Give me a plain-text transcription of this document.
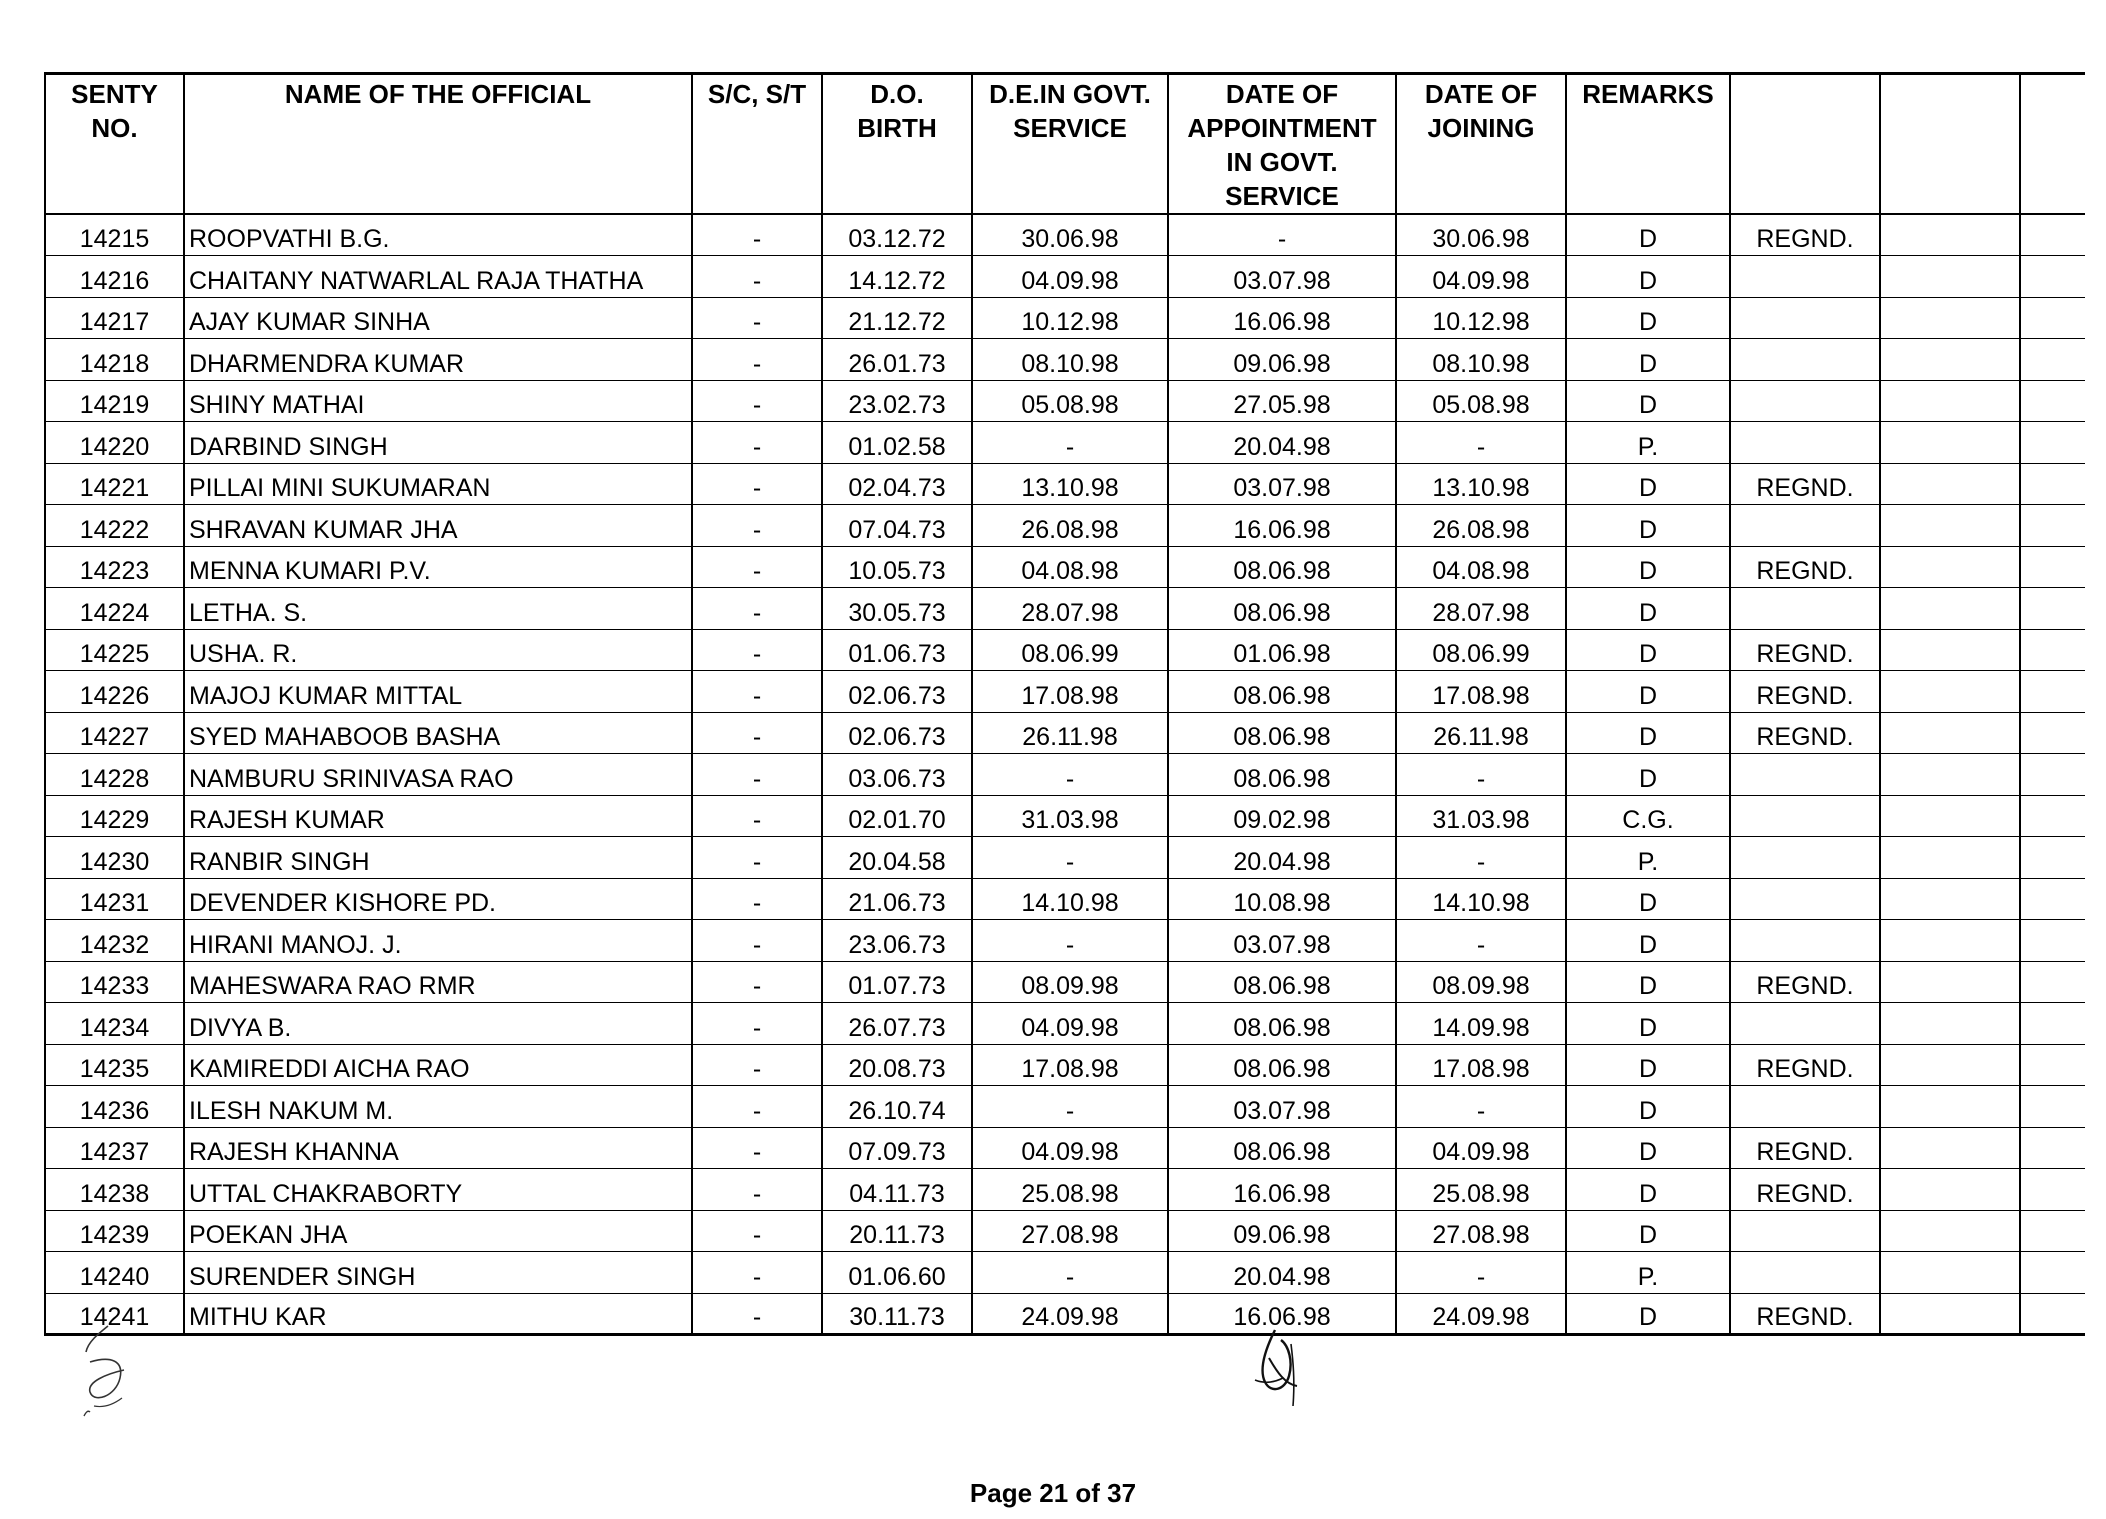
SENTY NO.	NAME OF THE OFFICIAL	S/C, S/T	D.O. BIRTH	D.E.IN GOVT. SERVICE	DATE OF APPOINTMENT IN GOVT. SERVICE	DATE OF JOINING	REMARKS			
14215	ROOPVATHI B.G.	-	03.12.72	30.06.98	-	30.06.98	D	REGND.		
14216	CHAITANY NATWARLAL RAJA THATHA	-	14.12.72	04.09.98	03.07.98	04.09.98	D			
14217	AJAY KUMAR SINHA	-	21.12.72	10.12.98	16.06.98	10.12.98	D			
14218	DHARMENDRA KUMAR	-	26.01.73	08.10.98	09.06.98	08.10.98	D			
14219	SHINY MATHAI	-	23.02.73	05.08.98	27.05.98	05.08.98	D			
14220	DARBIND SINGH	-	01.02.58	-	20.04.98	-	P.			
14221	PILLAI MINI SUKUMARAN	-	02.04.73	13.10.98	03.07.98	13.10.98	D	REGND.		
14222	SHRAVAN KUMAR JHA	-	07.04.73	26.08.98	16.06.98	26.08.98	D			
14223	MENNA KUMARI P.V.	-	10.05.73	04.08.98	08.06.98	04.08.98	D	REGND.		
14224	LETHA. S.	-	30.05.73	28.07.98	08.06.98	28.07.98	D			
14225	USHA. R.	-	01.06.73	08.06.99	01.06.98	08.06.99	D	REGND.		
14226	MAJOJ KUMAR MITTAL	-	02.06.73	17.08.98	08.06.98	17.08.98	D	REGND.		
14227	SYED MAHABOOB BASHA	-	02.06.73	26.11.98	08.06.98	26.11.98	D	REGND.		
14228	NAMBURU SRINIVASA RAO	-	03.06.73	-	08.06.98	-	D			
14229	RAJESH KUMAR	-	02.01.70	31.03.98	09.02.98	31.03.98	C.G.			
14230	RANBIR SINGH	-	20.04.58	-	20.04.98	-	P.			
14231	DEVENDER KISHORE PD.	-	21.06.73	14.10.98	10.08.98	14.10.98	D			
14232	HIRANI MANOJ. J.	-	23.06.73	-	03.07.98	-	D			
14233	MAHESWARA RAO RMR	-	01.07.73	08.09.98	08.06.98	08.09.98	D	REGND.		
14234	DIVYA B.	-	26.07.73	04.09.98	08.06.98	14.09.98	D			
14235	KAMIREDDI AICHA RAO	-	20.08.73	17.08.98	08.06.98	17.08.98	D	REGND.		
14236	ILESH NAKUM M.	-	26.10.74	-	03.07.98	-	D			
14237	RAJESH KHANNA	-	07.09.73	04.09.98	08.06.98	04.09.98	D	REGND.		
14238	UTTAL CHAKRABORTY	-	04.11.73	25.08.98	16.06.98	25.08.98	D	REGND.		
14239	POEKAN JHA	-	20.11.73	27.08.98	09.06.98	27.08.98	D			
14240	SURENDER SINGH	-	01.06.60	-	20.04.98	-	P.			
14241	MITHU KAR	-	30.11.73	24.09.98	16.06.98	24.09.98	D	REGND.		
Page 21 of 37
